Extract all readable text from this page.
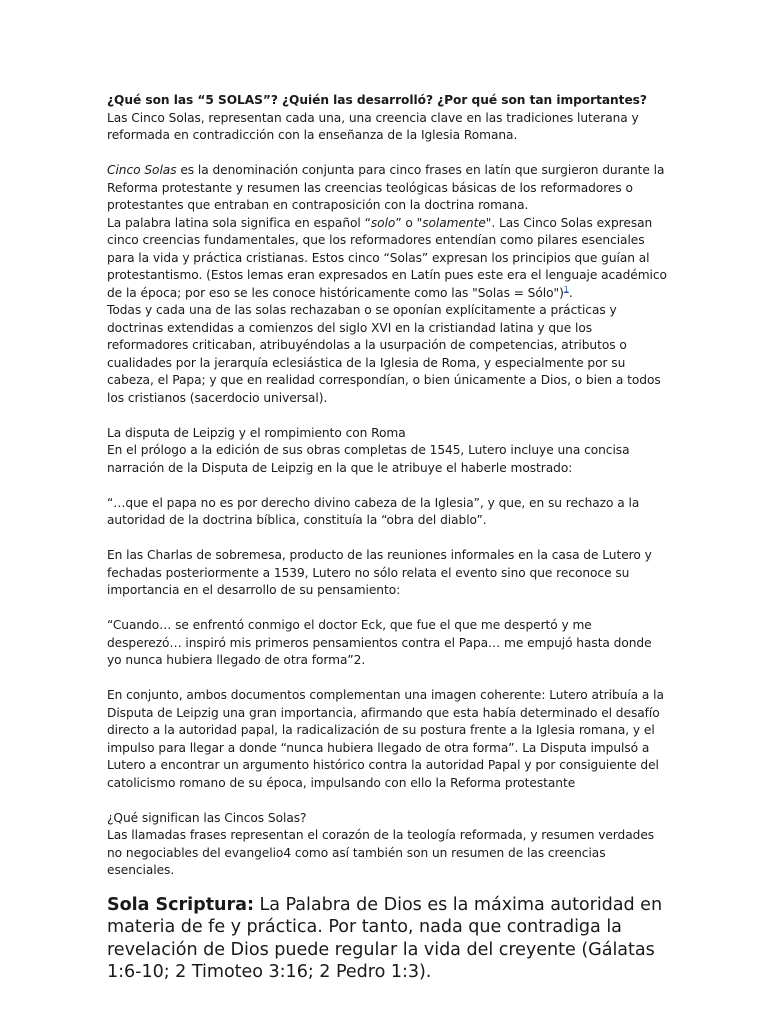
¿Qué son las “5 SOLAS”? ¿Quién las desarrolló? ¿Por qué son tan importantes?

Las Cinco Solas, representan cada una, una creencia clave en las tradiciones luterana y reformada en contradicción con la enseñanza de la Iglesia Romana.

Cinco Solas es la denominación conjunta para cinco frases en latín que surgieron durante la Reforma protestante y resumen las creencias teológicas básicas de los reformadores o protestantes que entraban en contraposición con la doctrina romana.

La palabra latina sola significa en español “solo” o "solamente". Las Cinco Solas expresan cinco creencias fundamentales, que los reformadores entendían como pilares esenciales para la vida y práctica cristianas. Estos cinco “Solas” expresan los principios que guían al protestantismo. (Estos lemas eran expresados en Latín pues este era el lenguaje académico de la época; por eso se les conoce históricamente como las "Solas = Sólo")$^1$.

Todas y cada una de las solas rechazaban o se oponían explícitamente a prácticas y doctrinas extendidas a comienzos del siglo XVI en la cristiandad latina y que los reformadores criticaban, atribuyéndolas a la usurpación de competencias, atributos o cualidades por la jerarquía eclesiástica de la Iglesia de Roma, y especialmente por su cabeza, el Papa; y que en realidad correspondían, o bien únicamente a Dios, o bien a todos los cristianos (sacerdocio universal).

La disputa de Leipzig y el rompimiento con Roma

En el prólogo a la edición de sus obras completas de 1545, Lutero incluye una concisa narración de la Disputa de Leipzig en la que le atribuye el haberle mostrado:

“…que el papa no es por derecho divino cabeza de la Iglesia”, y que, en su rechazo a la autoridad de la doctrina bíblica, constituía la “obra del diablo”.

En las Charlas de sobremesa, producto de las reuniones informales en la casa de Lutero y fechadas posteriormente a 1539, Lutero no sólo relata el evento sino que reconoce su importancia en el desarrollo de su pensamiento:

“Cuando… se enfrentó conmigo el doctor Eck, que fue el que me despertó y me desperezó… inspiró mis primeros pensamientos contra el Papa… me empujó hasta donde yo nunca hubiera llegado de otra forma”2.

En conjunto, ambos documentos complementan una imagen coherente: Lutero atribuía a la Disputa de Leipzig una gran importancia, afirmando que esta había determinado el desafío directo a la autoridad papal, la radicalización de su postura frente a la Iglesia romana, y el impulso para llegar a donde “nunca hubiera llegado de otra forma”. La Disputa impulsó a Lutero a encontrar un argumento histórico contra la autoridad Papal y por consiguiente del catolicismo romano de su época, impulsando con ello la Reforma protestante

¿Qué significan las Cincos Solas?

Las llamadas frases representan el corazón de la teología reformada, y resumen verdades no negociables del evangelio4 como así también son un resumen de las creencias esenciales.

Sola Scriptura: La Palabra de Dios es la máxima autoridad en materia de fe y práctica. Por tanto, nada que contradiga la revelación de Dios puede regular la vida del creyente (Gálatas 1:6-10; 2 Timoteo 3:16; 2 Pedro 1:3).
